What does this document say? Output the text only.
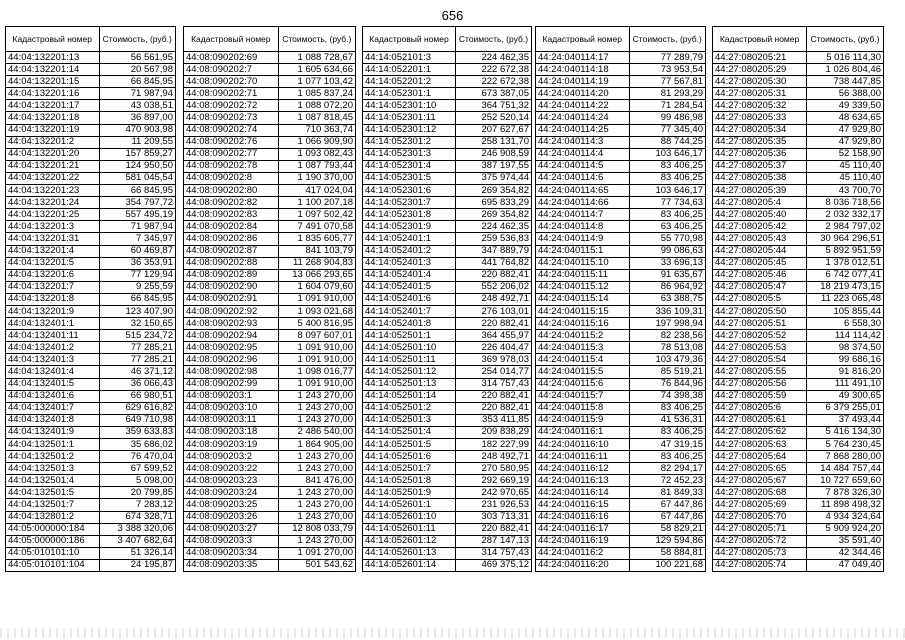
656
Кадастровый номер	Стоимость, (руб.)
44:04:132201:13	56 561,95
44:04:132201:14	20 567,98
44:04:132201:15	66 845,95
44:04:132201:16	71 987,94
44:04:132201:17	43 038,51
44:04:132201:18	36 897,00
44:04:132201:19	470 903,98
44:04:132201:2	11 209,55
44:04:132201:20	157 859,27
44:04:132201:21	124 950,50
44:04:132201:22	581 045,54
44:04:132201:23	66 845,95
44:04:132201:24	354 797,72
44:04:132201:25	557 495,19
44:04:132201:3	71 987,94
44:04:132201:31	7 345,97
44:04:132201:4	60 469,87
44:04:132201:5	36 353,91
44:04:132201:6	77 129,94
44:04:132201:7	9 255,59
44:04:132201:8	66 845,95
44:04:132201:9	123 407,90
44:04:132401:1	32 150,65
44:04:132401:11	515 234,72
44:04:132401:2	77 285,21
44:04:132401:3	77 285,21
44:04:132401:4	46 371,12
44:04:132401:5	36 066,43
44:04:132401:6	66 980,51
44:04:132401:7	629 616,82
44:04:132401:8	649 710,98
44:04:132401:9	359 633,83
44:04:132501:1	35 686,02
44:04:132501:2	76 470,04
44:04:132501:3	67 599,52
44:04:132501:4	5 098,00
44:04:132501:5	20 799,85
44:04:132501:7	7 283,12
44:04:132801:2	674 328,71
44:05:000000:184	3 388 320,06
44:05:000000:186	3 407 682,64
44:05:010101:10	51 326,14
44:05:010101:104	24 195,87
Кадастровый номер	Стоимость, (руб.)
44:08:090202:69	1 088 728,67
44:08:090202:7	1 605 634,66
44:08:090202:70	1 077 103,42
44:08:090202:71	1 085 837,24
44:08:090202:72	1 088 072,20
44:08:090202:73	1 087 818,45
44:08:090202:74	710 363,74
44:08:090202:76	1 066 909,90
44:08:090202:77	1 093 082,43
44:08:090202:78	1 087 793,44
44:08:090202:8	1 190 370,00
44:08:090202:80	417 024,04
44:08:090202:82	1 100 207,18
44:08:090202:83	1 097 502,42
44:08:090202:84	7 491 070,58
44:08:090202:86	1 835 605,77
44:08:090202:87	841 103,79
44:08:090202:88	11 268 904,83
44:08:090202:89	13 066 293,65
44:08:090202:90	1 604 079,60
44:08:090202:91	1 091 910,00
44:08:090202:92	1 093 021,68
44:08:090202:93	5 400 816,95
44:08:090202:94	8 097 607,01
44:08:090202:95	1 091 910,00
44:08:090202:96	1 091 910,00
44:08:090202:98	1 098 016,77
44:08:090202:99	1 091 910,00
44:08:090203:1	1 243 270,00
44:08:090203:10	1 243 270,00
44:08:090203:11	1 243 270,00
44:08:090203:18	2 486 540,00
44:08:090203:19	1 864 905,00
44:08:090203:2	1 243 270,00
44:08:090203:22	1 243 270,00
44:08:090203:23	841 476,00
44:08:090203:24	1 243 270,00
44:08:090203:25	1 243 270,00
44:08:090203:26	1 243 270,00
44:08:090203:27	12 808 033,79
44:08:090203:3	1 243 270,00
44:08:090203:34	1 091 270,00
44:08:090203:35	501 543,62
Кадастровый номер	Стоимость, (руб.)
44:14:052101:3	224 462,35
44:14:052201:1	222 672,38
44:14:052201:2	222 672,38
44:14:052301:1	673 387,05
44:14:052301:10	364 751,32
44:14:052301:11	252 520,14
44:14:052301:12	207 627,67
44:14:052301:2	258 131,70
44:14:052301:3	246 908,59
44:14:052301:4	387 197,55
44:14:052301:5	375 974,44
44:14:052301:6	269 354,82
44:14:052301:7	695 833,29
44:14:052301:8	269 354,82
44:14:052301:9	224 462,35
44:14:052401:1	259 536,83
44:14:052401:2	347 889,79
44:14:052401:3	441 764,82
44:14:052401:4	220 882,41
44:14:052401:5	552 206,02
44:14:052401:6	248 492,71
44:14:052401:7	276 103,01
44:14:052401:8	220 882,41
44:14:052501:1	364 455,97
44:14:052501:10	226 404,47
44:14:052501:11	369 978,03
44:14:052501:12	254 014,77
44:14:052501:13	314 757,43
44:14:052501:14	220 882,41
44:14:052501:2	220 882,41
44:14:052501:3	353 411,85
44:14:052501:4	209 838,29
44:14:052501:5	182 227,99
44:14:052501:6	248 492,71
44:14:052501:7	270 580,95
44:14:052501:8	292 669,19
44:14:052501:9	242 970,65
44:14:052601:1	231 926,53
44:14:052601:10	303 713,31
44:14:052601:11	220 882,41
44:14:052601:12	287 147,13
44:14:052601:13	314 757,43
44:14:052601:14	469 375,12
Кадастровый номер	Стоимость, (руб.)
44:24:040114:17	77 289,79
44:24:040114:18	73 953,54
44:24:040114:19	77 567,81
44:24:040114:20	81 293,29
44:24:040114:22	71 284,54
44:24:040114:24	99 486,98
44:24:040114:25	77 345,40
44:24:040114:3	88 744,25
44:24:040114:4	103 646,17
44:24:040114:5	83 406,25
44:24:040114:6	83 406,25
44:24:040114:65	103 646,17
44:24:040114:66	77 734,63
44:24:040114:7	83 406,25
44:24:040114:8	63 406,25
44:24:040114:9	55 770,98
44:24:040115:1	99 086,63
44:24:040115:10	33 696,13
44:24:040115:11	91 635,67
44:24:040115:12	86 964,92
44:24:040115:14	63 388,75
44:24:040115:15	336 109,31
44:24:040115:16	197 998,94
44:24:040115:2	82 238,56
44:24:040115:3	78 513,08
44:24:040115:4	103 479,36
44:24:040115:5	85 519,21
44:24:040115:6	76 844,96
44:24:040115:7	74 398,38
44:24:040115:8	83 406,25
44:24:040115:9	41 536,31
44:24:040116:1	83 406,25
44:24:040116:10	47 319,15
44:24:040116:11	83 406,25
44:24:040116:12	82 294,17
44:24:040116:13	72 452,23
44:24:040116:14	81 849,33
44:24:040116:15	67 447,86
44:24:040116:16	67 447,86
44:24:040116:17	58 829,21
44:24:040116:19	129 594,86
44:24:040116:2	58 884,81
44:24:040116:20	100 221,68
Кадастровый номер	Стоимость, (руб.)
44:27:080205:21	5 016 114,30
44:27:080205:29	1 026 804,46
44:27:080205:30	738 447,85
44:27:080205:31	56 388,00
44:27:080205:32	49 339,50
44:27:080205:33	48 634,65
44:27:080205:34	47 929,80
44:27:080205:35	47 929,80
44:27:080205:36	52 158,90
44:27:080205:37	45 110,40
44:27:080205:38	45 110,40
44:27:080205:39	43 700,70
44:27:080205:4	8 036 718,56
44:27:080205:40	2 032 332,17
44:27:080205:42	2 984 797,02
44:27:080205:43	30 964 296,51
44:27:080205:44	5 892 951,59
44:27:080205:45	1 378 012,51
44:27:080205:46	6 742 077,41
44:27:080205:47	18 219 473,15
44:27:080205:5	11 223 065,48
44:27:080205:50	105 855,44
44:27:080205:51	6 558,30
44:27:080205:52	114 114,42
44:27:080205:53	98 374,50
44:27:080205:54	99 686,16
44:27:080205:55	91 816,20
44:27:080205:56	111 491,10
44:27:080205:59	49 300,65
44:27:080205:6	6 379 255,01
44:27:080205:61	37 493,44
44:27:080205:62	5 416 134,30
44:27:080205:63	5 764 230,45
44:27:080205:64	7 868 280,00
44:27:080205:65	14 484 757,44
44:27:080205:67	10 727 659,60
44:27:080205:68	7 878 326,30
44:27:080205:69	11 898 498,32
44:27:080205:70	4 934 324,64
44:27:080205:71	5 909 924,20
44:27:080205:72	35 591,40
44:27:080205:73	42 344,46
44:27:080205:74	47 049,40
